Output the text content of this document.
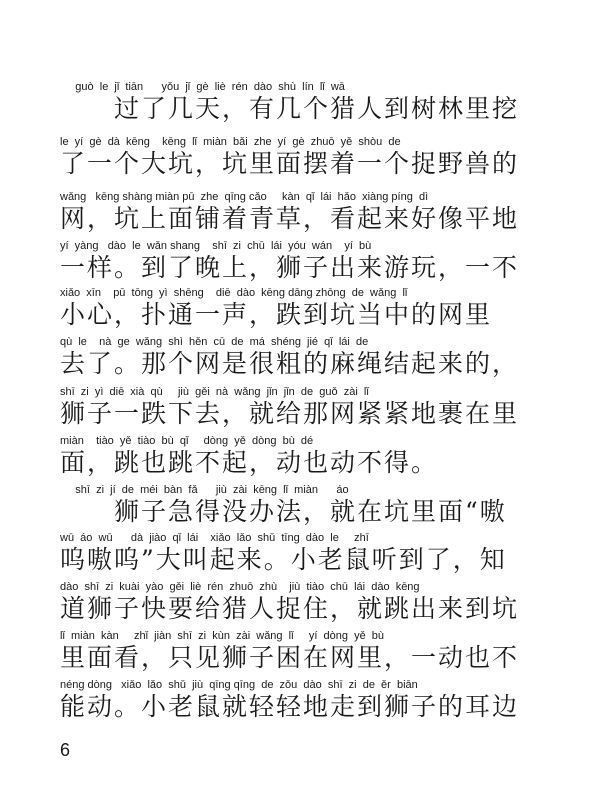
guò  le  jǐ  tiān      yǒu  jǐ  gè  liè  rén  dào  shù  lín  lǐ  wā
　　过了几天，有几个猎人到树林里挖
le  yí  gè  dà  kēng    kēng  lǐ  miàn  bǎi  zhe  yí  gè  zhuō  yě  shòu  de
了一个大坑，坑里面摆着一个捉野兽的
wǎng   kēng shàng miàn pū  zhe  qīng cǎo     kàn  qǐ  lái  hǎo  xiàng píng  dì
网，坑上面铺着青草，看起来好像平地
yí  yàng   dào  le  wǎn shang    shī  zi  chū  lái  yóu  wán    yí  bù
一样。到了晚上，狮子出来游玩，一不
xiǎo  xīn    pū  tōng  yì  shēng    diē  dào  kēng dāng zhōng  de  wǎng  lǐ
小心，扑通一声，跌到坑当中的网里
qù  le    nà  ge  wǎng  shì  hěn  cū  de  má  shéng  jié  qǐ  lái  de
去了。那个网是很粗的麻绳结起来的，
shī  zi  yì  diē  xià  qù     jiù  gěi  nà  wǎng  jǐn  jǐn  de  guǒ  zài  lǐ
狮子一跌下去，就给那网紧紧地裹在里
miàn    tiào  yě  tiào  bù  qǐ     dòng  yě  dòng  bù  dé
面，跳也跳不起，动也动不得。
shī  zi  jí  de  méi  bàn  fǎ      jiù  zài  kēng  lǐ  miàn      áo
　　狮子急得没办法，就在坑里面“嗷
wū  áo  wū      dà  jiào  qǐ  lái    xiǎo  lǎo  shǔ  tīng  dào  le     zhī
呜嗷呜”大叫起来。小老鼠听到了，知
dào  shī  zi  kuài  yào  gěi  liè  rén  zhuō  zhù    jiù  tiào  chū  lái  dào  kēng
道狮子快要给猎人捉住，就跳出来到坑
lǐ  miàn  kàn     zhǐ  jiàn  shī  zi  kùn  zài  wǎng  lǐ     yí  dòng  yě  bù
里面看，只见狮子困在网里，一动也不
néng dòng   xiǎo  lǎo  shǔ  jiù  qīng qīng  de  zǒu  dào  shī  zi  de  ěr  biān
能动。小老鼠就轻轻地走到狮子的耳边
6
